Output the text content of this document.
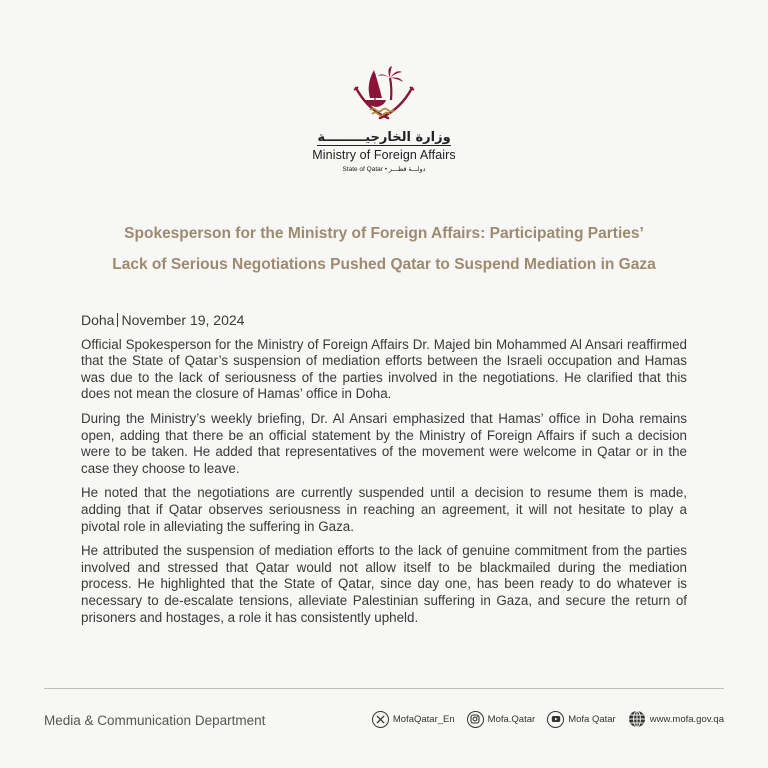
وزارة الخارجيـــــــــة
Ministry of Foreign Affairs
State of Qatar • دولـــة قطـــر
Spokesperson for the Ministry of Foreign Affairs: Participating Parties’
Lack of Serious Negotiations Pushed Qatar to Suspend Mediation in Gaza
Doha November 19, 2024

Official Spokesperson for the Ministry of Foreign Affairs Dr. Majed bin Mohammed Al Ansari reaffirmed that the State of Qatar’s suspension of mediation efforts between the Israeli occupation and Hamas was due to the lack of seriousness of the parties involved in the negotiations. He clarified that this does not mean the closure of Hamas’ office in Doha.

During the Ministry’s weekly briefing, Dr. Al Ansari emphasized that Hamas’ office in Doha remains open, adding that there be an official statement by the Ministry of Foreign Affairs if such a decision were to be taken. He added that representatives of the movement were welcome in Qatar or in the case they choose to leave.

He noted that the negotiations are currently suspended until a decision to resume them is made, adding that if Qatar observes seriousness in reaching an agreement, it will not hesitate to play a pivotal role in alleviating the suffering in Gaza.

He attributed the suspension of mediation efforts to the lack of genuine commitment from the parties involved and stressed that Qatar would not allow itself to be blackmailed during the mediation process. He highlighted that the State of Qatar, since day one, has been ready to do whatever is necessary to de-escalate tensions, alleviate Palestinian suffering in Gaza, and secure the return of prisoners and hostages, a role it has consistently upheld.

Media & Communication Department	MofaQatar_En	Mofa.Qatar	Mofa Qatar	www.mofa.gov.qa
